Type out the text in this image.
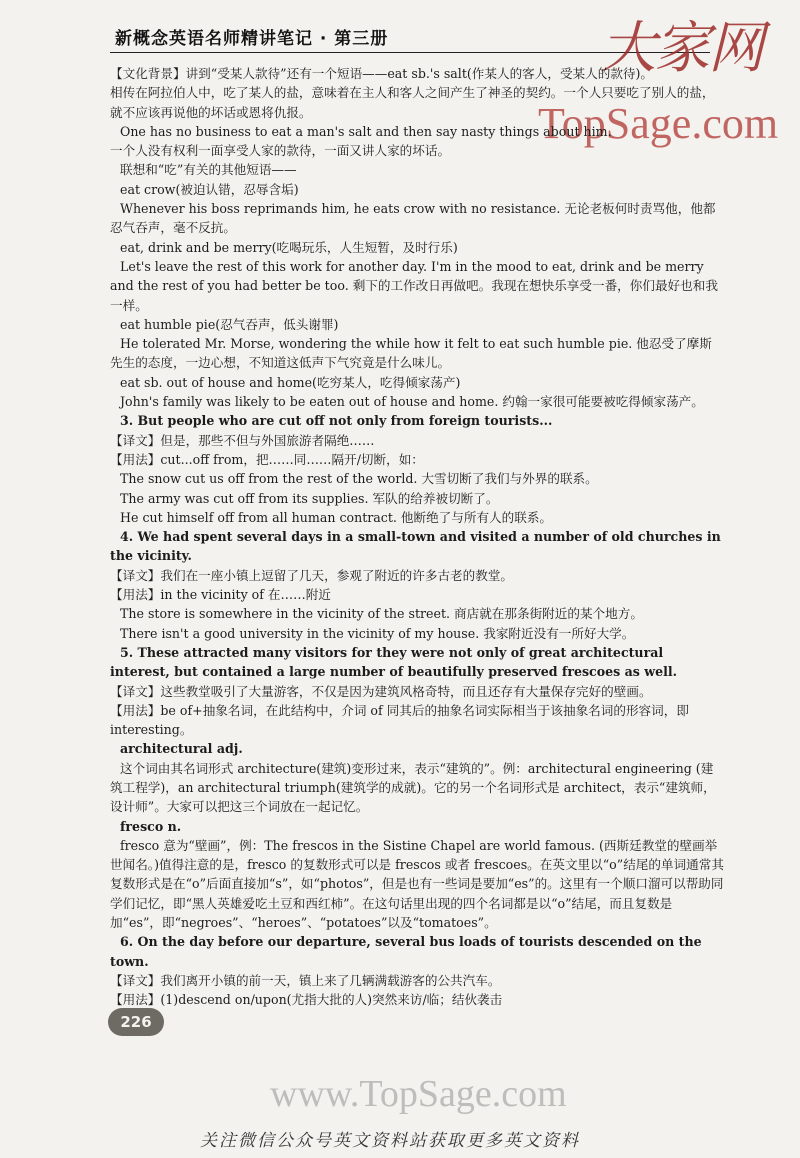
新概念英语名师精讲笔记 · 第三册	大家网
TopSage.com

【文化背景】讲到“受某人款待”还有一个短语——eat sb.'s salt(作某人的客人，受某人的款待)。

相传在阿拉伯人中，吃了某人的盐，意味着在主人和客人之间产生了神圣的契约。一个人只要吃了别人的盐，就不应该再说他的坏话或恩将仇报。

One has no business to eat a man's salt and then say nasty things about him.

一个人没有权利一面享受人家的款待，一面又讲人家的坏话。

联想和“吃”有关的其他短语——

eat crow(被迫认错，忍辱含垢)

Whenever his boss reprimands him, he eats crow with no resistance. 无论老板何时责骂他，他都忍气吞声，毫不反抗。

eat, drink and be merry(吃喝玩乐，人生短暂，及时行乐)

Let's leave the rest of this work for another day. I'm in the mood to eat, drink and be merry and the rest of you had better be too. 剩下的工作改日再做吧。我现在想快乐享受一番，你们最好也和我一样。

eat humble pie(忍气吞声，低头谢罪)

He tolerated Mr. Morse, wondering the while how it felt to eat such humble pie. 他忍受了摩斯先生的态度，一边心想，不知道这低声下气究竟是什么味儿。

eat sb. out of house and home(吃穷某人，吃得倾家荡产)

John's family was likely to be eaten out of house and home. 约翰一家很可能要被吃得倾家荡产。

3. But people who are cut off not only from foreign tourists...

【译文】但是，那些不但与外国旅游者隔绝……

【用法】cut...off from，把……同……隔开/切断，如：

The snow cut us off from the rest of the world. 大雪切断了我们与外界的联系。

The army was cut off from its supplies. 军队的给养被切断了。

He cut himself off from all human contract. 他断绝了与所有人的联系。

4. We had spent several days in a small-town and visited a number of old churches in the vicinity.

【译文】我们在一座小镇上逗留了几天，参观了附近的许多古老的教堂。

【用法】in the vicinity of 在……附近

The store is somewhere in the vicinity of the street. 商店就在那条街附近的某个地方。

There isn't a good university in the vicinity of my house. 我家附近没有一所好大学。

5. These attracted many visitors for they were not only of great architectural interest, but contained a large number of beautifully preserved frescoes as well.

【译文】这些教堂吸引了大量游客，不仅是因为建筑风格奇特，而且还存有大量保存完好的壁画。

【用法】be of+抽象名词，在此结构中，介词 of 同其后的抽象名词实际相当于该抽象名词的形容词，即 interesting。

architectural adj.

这个词由其名词形式 architecture(建筑)变形过来，表示“建筑的”。例：architectural engineering (建筑工程学)，an architectural triumph(建筑学的成就)。它的另一个名词形式是 architect，表示“建筑师，设计师”。大家可以把这三个词放在一起记忆。

fresco n.

fresco 意为“壁画”，例：The frescos in the Sistine Chapel are world famous. (西斯廷教堂的壁画举世闻名。)值得注意的是，fresco 的复数形式可以是 frescos 或者 frescoes。在英文里以“o”结尾的单词通常其复数形式是在“o”后面直接加“s”，如“photos”，但是也有一些词是要加“es”的。这里有一个顺口溜可以帮助同学们记忆，即“黑人英雄爱吃土豆和西红柿”。在这句话里出现的四个名词都是以“o”结尾，而且复数是加“es”，即“negroes”、“heroes”、“potatoes”以及“tomatoes”。

6. On the day before our departure, several bus loads of tourists descended on the town.

【译文】我们离开小镇的前一天，镇上来了几辆满载游客的公共汽车。

【用法】(1)descend on/upon(尤指大批的人)突然来访/临；结伙袭击

226
www.TopSage.com
关注微信公众号英文资料站获取更多英文资料
